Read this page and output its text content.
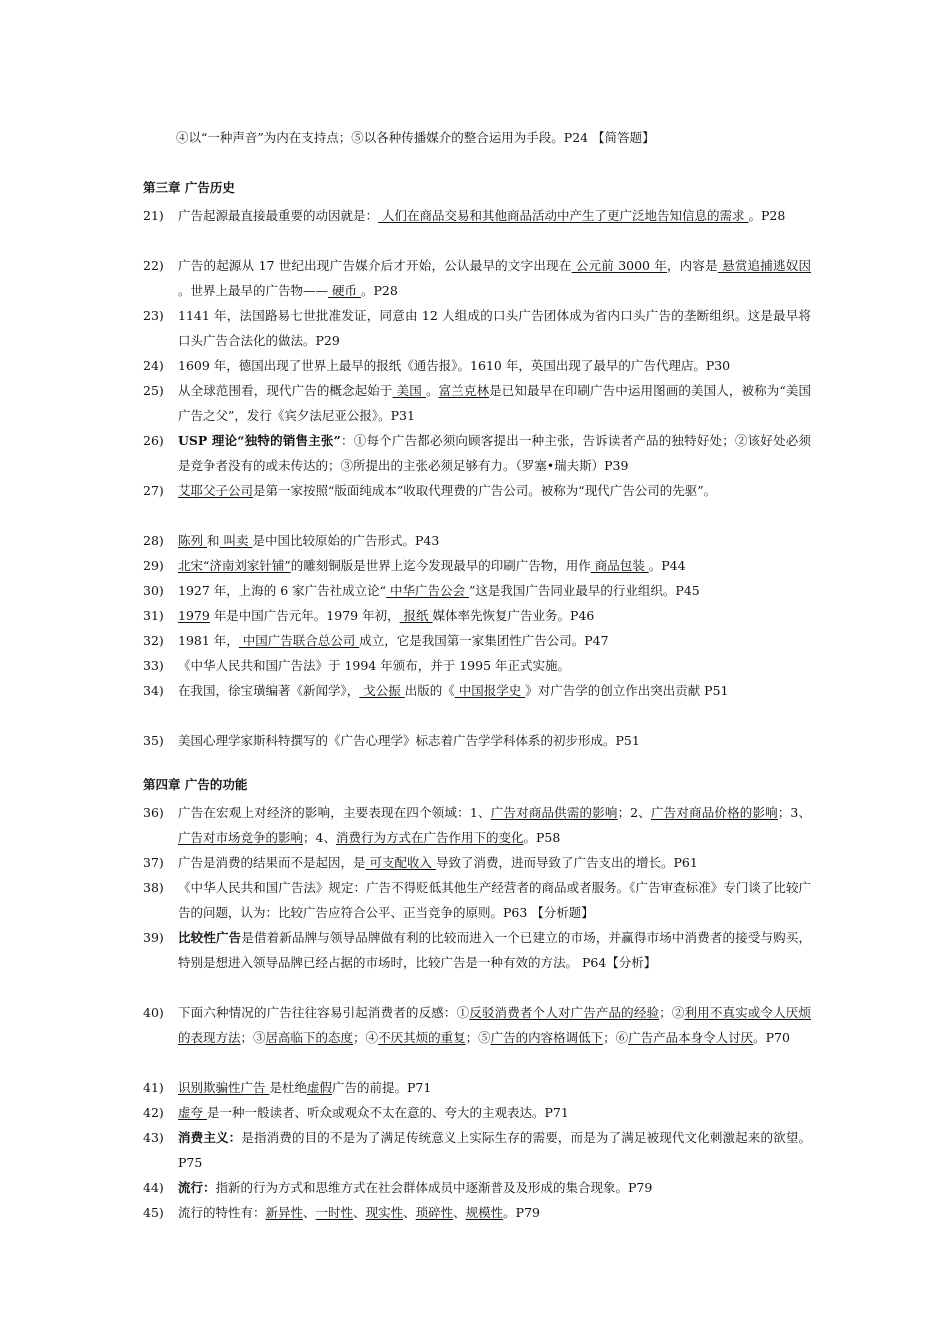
④以“一种声音”为内在支持点；⑤以各种传播媒介的整合运用为手段。P24 【简答题】
第三章 广告历史
21)	广告起源最直接最重要的动因就是： 人们在商品交易和其他商品活动中产生了更广泛地告知信息的需求 。P28
22)	广告的起源从 17 世纪出现广告媒介后才开始，公认最早的文字出现在 公元前 3000 年，内容是 悬赏追捕逃奴因 。世界上最早的广告物—— 硬币 。P28
23)	1141 年，法国路易七世批准发证，同意由 12 人组成的口头广告团体成为省内口头广告的垄断组织。这是最早将口头广告合法化的做法。P29
24)	1609 年，德国出现了世界上最早的报纸《通告报》。1610 年，英国出现了最早的广告代理店。P30
25)	从全球范围看，现代广告的概念起始于 美国 。富兰克林是已知最早在印刷广告中运用图画的美国人，被称为“美国广告之父”，发行《宾夕法尼亚公报》。P31
26)	USP 理论“独特的销售主张”：①每个广告都必须向顾客提出一种主张，告诉读者产品的独特好处；②该好处必须是竞争者没有的或未传达的；③所提出的主张必须足够有力。（罗塞•瑞夫斯）P39
27)	艾耶父子公司是第一家按照“版面纯成本”收取代理费的广告公司。被称为“现代广告公司的先驱”。
28)	陈列 和 叫卖 是中国比较原始的广告形式。P43
29)	北宋“济南刘家针铺”的雕刻铜版是世界上迄今发现最早的印刷广告物，用作 商品包装 。P44
30)	1927 年，上海的 6 家广告社成立论“ 中华广告公会 ”这是我国广告同业最早的行业组织。P45
31)	1979 年是中国广告元年。1979 年初， 报纸 媒体率先恢复广告业务。P46
32)	1981 年， 中国广告联合总公司 成立，它是我国第一家集团性广告公司。P47
33)	《中华人民共和国广告法》于 1994 年颁布，并于 1995 年正式实施。
34)	在我国，徐宝璜编著《新闻学》， 戈公振 出版的《 中国报学史 》对广告学的创立作出突出贡献 P51
35)	美国心理学家斯科特撰写的《广告心理学》标志着广告学学科体系的初步形成。P51
第四章 广告的功能
36)	广告在宏观上对经济的影响，主要表现在四个领域：1、广告对商品供需的影响；2、广告对商品价格的影响；3、广告对市场竞争的影响；4、消费行为方式在广告作用下的变化。P58
37)	广告是消费的结果而不是起因，是 可支配收入 导致了消费，进而导致了广告支出的增长。P61
38)	《中华人民共和国广告法》规定：广告不得贬低其他生产经营者的商品或者服务。《广告审查标准》专门谈了比较广告的问题，认为：比较广告应符合公平、正当竞争的原则。P63 【分析题】
39)	比较性广告是借着新品牌与领导品牌做有利的比较而进入一个已建立的市场，并赢得市场中消费者的接受与购买，特别是想进入领导品牌已经占据的市场时，比较广告是一种有效的方法。 P64【分析】
40)	下面六种情况的广告往往容易引起消费者的反感：①反驳消费者个人对广告产品的经验；②利用不真实或令人厌烦的表现方法；③居高临下的态度；④不厌其烦的重复；⑤广告的内容格调低下；⑥广告产品本身令人讨厌。P70
41)	识别欺骗性广告 是杜绝虚假广告的前提。P71
42)	虚夸 是一种一般读者、听众或观众不太在意的、夸大的主观表达。P71
43)	消费主义：是指消费的目的不是为了满足传统意义上实际生存的需要，而是为了满足被现代文化刺激起来的欲望。P75
44)	流行：指新的行为方式和思维方式在社会群体成员中逐渐普及及形成的集合现象。P79
45)	流行的特性有：新异性、一时性、现实性、琐碎性、规模性。P79
